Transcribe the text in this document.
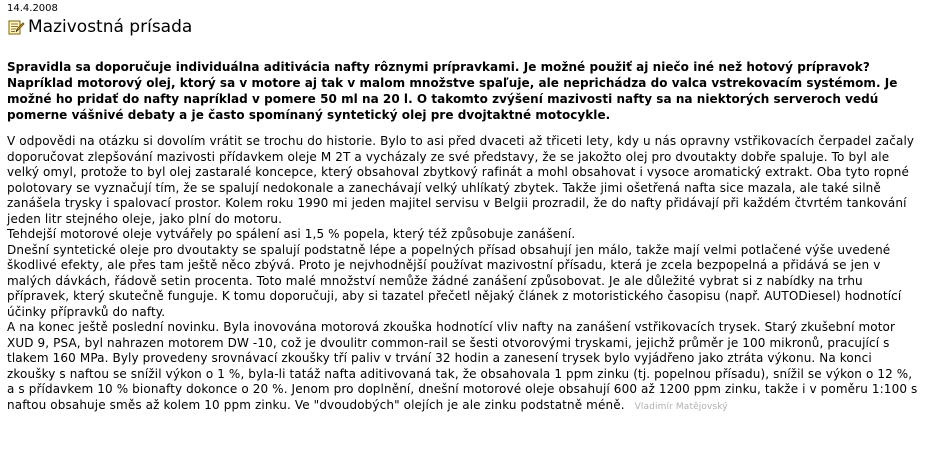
14.4.2008
Mazivostná prísada

Spravidla sa doporučuje individuálna aditivácia nafty rôznymi prípravkami. Je možné použiť aj niečo iné než hotový prípravok? Napríklad motorový olej, ktorý sa v motore aj tak v malom množstve spaľuje, ale neprichádza do valca vstrekovacím systémom. Je možné ho pridať do nafty napríklad v pomere 50 ml na 20 l. O takomto zvýšení mazivosti nafty sa na niektorých serveroch vedú pomerne vášnivé debaty a je často spomínaný syntetický olej pre dvojtaktné motocykle.

V odpovědi na otázku si dovolím vrátit se trochu do historie. Bylo to asi před dvaceti až třiceti lety, kdy u nás opravny vstřikovacích čerpadel začaly doporučovat zlepšování mazivosti přídavkem oleje M 2T a vycházaly ze své představy, že se jakožto olej pro dvoutakty dobře spaluje. To byl ale velký omyl, protože to byl olej zastaralé koncepce, který obsahoval zbytkový rafinát a mohl obsahovat i vysoce aromatický extrakt. Oba tyto ropné polotovary se vyznačují tím, že se spalují nedokonale a zanechávají velký uhlíkatý zbytek. Takže jimi ošetřená nafta sice mazala, ale také silně zanášela trysky i spalovací prostor. Kolem roku 1990 mi jeden majitel servisu v Belgii prozradil, že do nafty přidávají při každém čtvrtém tankování jeden litr stejného oleje, jako plní do motoru.

Tehdejší motorové oleje vytvářely po spálení asi 1,5 % popela, který též způsobuje zanášení.

Dnešní syntetické oleje pro dvoutakty se spalují podstatně lépe a popelných přísad obsahují jen málo, takže mají velmi potlačené výše uvedené škodlivé efekty, ale přes tam ještě něco zbývá. Proto je nejvhodnější používat mazivostní přísadu, která je zcela bezpopelná a přidává se jen v malých dávkách, řádově setin procenta. Toto malé množství nemůže žádné zanášení způsobovat. Je ale důležité vybrat si z nabídky na trhu přípravek, který skutečně funguje. K tomu doporučuji, aby si tazatel přečetl nějaký článek z motoristického časopisu (např. AUTODiesel) hodnotící účinky přípravků do nafty.

A na konec ještě poslední novinku. Byla inovována motorová zkouška hodnotící vliv nafty na zanášení vstřikovacích trysek. Starý zkušební motor XUD 9, PSA, byl nahrazen motorem DW -10, což je dvoulitr common-rail se šesti otvorovými tryskami, jejichž průměr je 100 mikronů, pracující s tlakem 160 MPa. Byly provedeny srovnávací zkoušky tří paliv v trvání 32 hodin a zanesení trysek bylo vyjádřeno jako ztráta výkonu. Na konci zkoušky s naftou se snížil výkon o 1 %, byla-li tatáž nafta aditivovaná tak, že obsahovala 1 ppm zinku (tj. popelnou přísadu), snížil se výkon o 12 %, a s přídavkem 10 % bionafty dokonce o 20 %. Jenom pro doplnění, dnešní motorové oleje obsahují 600 až 1200 ppm zinku, takže i v poměru 1:100 s naftou obsahuje směs až kolem 10 ppm zinku. Ve "dvoudobých" olejích je ale zinku podstatně méně. Vladimír Matějovský
